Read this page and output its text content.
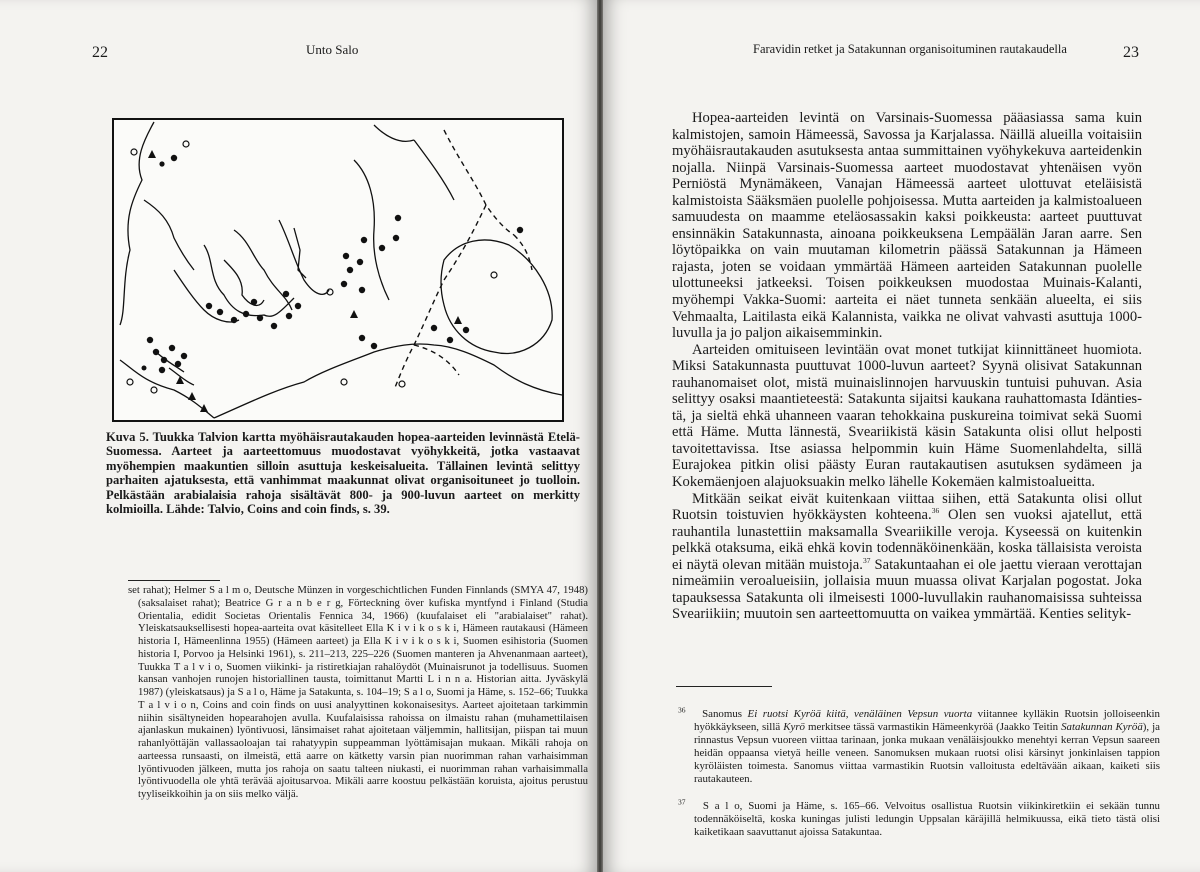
22	Unto Salo

Kuva 5. Tuukka Talvion kartta myöhäisrautakauden hopea-aarteiden levinnästä Etelä-Suomessa. Aarteet ja aarteettomuus muodostavat vyöhykkeitä, jotka vastaavat myöhempien maakuntien silloin asuttuja keskeisalueita. Tällainen levintä selittyy parhaiten ajatuksesta, että vanhimmat maakunnat olivat organisoituneet jo tuolloin. Pelkästään arabialaisia rahoja sisältävät 800- ja 900-luvun aarteet on merkitty kolmioilla. Lähde: Talvio, Coins and coin finds, s. 39.

set rahat); Helmer S a l m o, Deutsche Münzen in vorgeschichtlichen Funden Finnlands (SMYA 47, 1948) (saksalaiset rahat); Beatrice G r a n b e r g, Förteckning över kufiska myntfynd i Finland (Studia Orientalia, edidit Societas Orientalis Fennica 34, 1966) (kuufalaiset eli "arabialaiset" rahat). Yleiskatsauksellisesti hopea-aarteita ovat käsitelleet Ella K i v i k o s k i, Hämeen rautakausi (Hämeen historia I, Hämeenlinna 1955) (Hämeen aarteet) ja Ella K i v i k o s k i, Suomen esihistoria (Suomen historia I, Porvoo ja Helsinki 1961), s. 211–213, 225–226 (Suomen manteren ja Ahvenanmaan aarteet), Tuukka T a l v i o, Suomen viikinki- ja ristiretkiajan rahalöydöt (Muinaisrunot ja todellisuus. Suomen kansan vanhojen runojen historiallinen tausta, toimittanut Martti L i n n a. Historian aitta. Jyväskylä 1987) (yleiskatsaus) ja S a l o, Häme ja Satakunta, s. 104–19; S a l o, Suomi ja Häme, s. 152–66; Tuukka T a l v i o n, Coins and coin finds on uusi analyyttinen kokonaisesitys. Aarteet ajoitetaan tarkimmin niihin sisältyneiden hopearahojen avulla. Kuufalaisissa rahoissa on ilmaistu rahan (muhamettilaisen ajanlaskun mukainen) lyöntivuosi, länsimaiset rahat ajoitetaan väljemmin, hallitsijan, piispan tai muun rahanlyöttäjän vallassaoloajan tai rahatyypin suppeamman lyöttämisajan mukaan. Mikäli rahoja on aarteessa runsaasti, on ilmeistä, että aarre on kätketty varsin pian nuorimman rahan varhaisimman lyöntivuoden jälkeen, mutta jos rahoja on saatu talteen niukasti, ei nuorimman rahan varhaisimmalla lyöntivuodella ole yhtä terävää ajoitusarvoa. Mikäli aarre koostuu pelkästään koruista, ajoitus perustuu tyyliseikkoihin ja on siis melko väljä.

Faravidin retket ja Satakunnan organisoituminen rautakaudella	23

Hopea-aarteiden levintä on Varsinais-Suomessa pääasiassa sama kuin kalmistojen, samoin Hämeessä, Savossa ja Karjalassa. Näillä alueilla voitaisiin myöhäisrautakauden asutuksesta antaa summittainen vyöhykekuva aarteidenkin nojalla. Niinpä Varsinais-Suomessa aarteet muodostavat yhtenäisen vyön Perniöstä Mynämäkeen, Vanajan Hämeessä aarteet ulottuvat eteläisistä kalmistoista Sääksmäen puolelle pohjoisessa. Mutta aarteiden ja kalmistoalueen samuudesta on maamme eteläosassakin kaksi poikkeusta: aarteet puuttuvat ensinnäkin Satakunnasta, ainoana poikkeuksena Lempäälän Jaran aarre. Sen löytöpaikka on vain muutaman kilometrin päässä Satakunnan ja Hämeen rajasta, joten se voidaan ymmärtää Hämeen aarteiden Satakunnan puolelle ulottuneeksi jatkeeksi. Toisen poikkeuksen muodostaa Muinais-Kalanti, myöhempi Vakka-Suomi: aarteita ei näet tunneta senkään alueelta, ei siis Vehmaalta, Laitilasta eikä Kalannista, vaikka ne olivat vahvasti asuttuja 1000-luvulla ja jo paljon aikaisemminkin.

Aarteiden omituiseen levintään ovat monet tutkijat kiinnittäneet huomiota. Miksi Satakunnasta puuttuvat 1000-luvun aarteet? Syynä olisivat Satakunnan rauhanomaiset olot, mistä muinaislinnojen harvuuskin tuntuisi puhuvan. Asia selittyy osaksi maantieteestä: Satakunta sijaitsi kaukana rauhattomasta Idäntiestä, ja sieltä ehkä uhanneen vaaran tehokkaina puskureina toimivat sekä Suomi että Häme. Mutta lännestä, Sveariikistä käsin Satakunta olisi ollut helposti tavoitettavissa. Itse asiassa helpommin kuin Häme Suomenlahdelta, sillä Eurajokea pitkin olisi päästy Euran rautakautisen asutuksen sydämeen ja Kokemäenjoen alajuoksuakin melko lähelle Kokemäen kalmistoalueitta.

Mitkään seikat eivät kuitenkaan viittaa siihen, että Satakunta olisi ollut Ruotsin toistuvien hyökkäysten kohteena.$^{36}$ Olen sen vuoksi ajatellut, että rauhantila lunastettiin maksamalla Sveariikille veroja. Kyseessä on kuitenkin pelkkä otaksuma, eikä ehkä kovin todennäköinenkään, koska tällaisista veroista ei näytä olevan mitään muistoja.$^{37}$ Satakuntaahan ei ole jaettu vieraan verottajan nimeämiin veroalueisiin, jollaisia muun muassa olivat Karjalan pogostat. Joka tapauksessa Satakunta oli ilmeisesti 1000-luvullakin rauhanomaisissa suhteissa Sveariikiin; muutoin sen aarteettomuutta on vaikea ymmärtää. Kenties selityk-

$^{36}$ Sanomus Ei ruotsi Kyröä kiitä, venäläinen Vepsun vuorta viitannee kylläkin Ruotsin jolloiseenkin hyökkäykseen, sillä Kyrö merkitsee tässä varmastikin Hämeenkyröä (Jaakko Teitin Satakunnan Kyröä), ja rinnastus Vepsun vuoreen viittaa tarinaan, jonka mukaan venäläisjoukko menehtyi kerran Vepsun saareen heidän oppaansa vietyä heille veneen. Sanomuksen mukaan ruotsi olisi kärsinyt jonkinlaisen tappion kyröläisten toimesta. Sanomus viittaa varmastikin Ruotsin valloitusta edeltävään aikaan, kaiketi siis rautakauteen.

$^{37}$ S a l o, Suomi ja Häme, s. 165–66. Velvoitus osallistua Ruotsin viikinkiretkiin ei sekään tunnu todennäköiseltä, koska kuningas julisti ledungin Uppsalan käräjillä helmikuussa, eikä tieto tästä olisi kaiketikaan saavuttanut ajoissa Satakuntaa.
